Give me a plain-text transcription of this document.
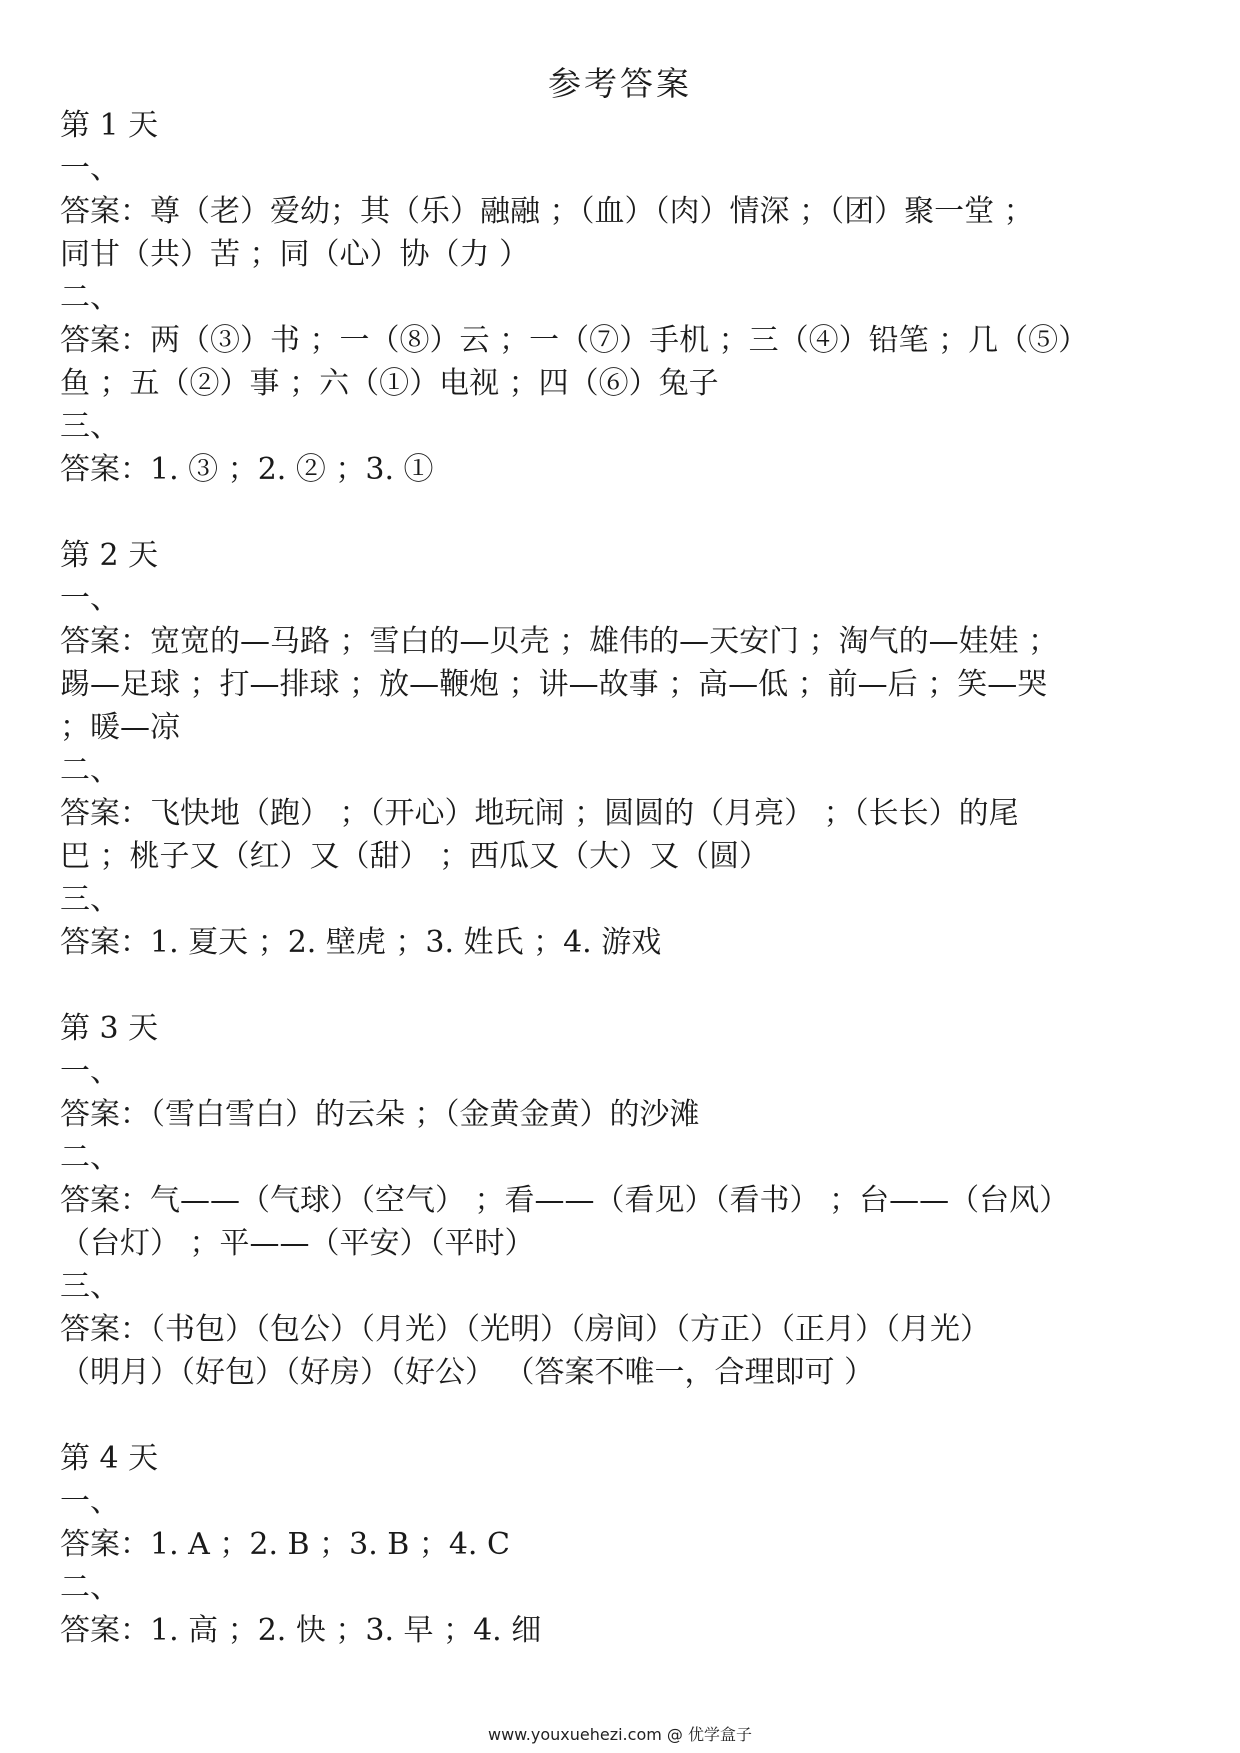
参考答案
第 1 天
一、
答案：尊（老）爱幼；其（乐）融融 ；（血）（肉）情深 ；（团）聚一堂 ；
同甘（共）苦 ；同（心）协（力 ）
二、
答案：两（③）书 ；一（⑧）云 ；一（⑦）手机 ；三（④）铅笔 ；几（⑤）
鱼 ；五（②）事 ；六（①）电视 ；四（⑥）兔子
三、
答案：1. ③ ；2. ② ；3. ①
第 2 天
一、
答案：宽宽的—马路 ；雪白的—贝壳 ；雄伟的—天安门 ；淘气的—娃娃 ；
踢—足球 ；打—排球 ；放—鞭炮 ；讲—故事 ；高—低 ；前—后 ；笑—哭
；暖—凉
二、
答案：飞快地（跑） ；（开心）地玩闹 ；圆圆的（月亮） ；（长长）的尾
巴 ；桃子又（红）又（甜） ；西瓜又（大）又（圆）
三、
答案：1. 夏天 ；2. 壁虎 ；3. 姓氏 ；4. 游戏
第 3 天
一、
答案：（雪白雪白）的云朵 ；（金黄金黄）的沙滩
二、
答案：气——（气球）（空气） ；看——（看见）（看书） ；台——（台风）
（台灯） ；平——（平安）（平时）
三、
答案：（书包）（包公）（月光）（光明）（房间）（方正）（正月）（月光）
（明月）（好包）（好房）（好公） （答案不唯一，合理即可 ）
第 4 天
一、
答案：1. A ；2. B ；3. B ；4. C
二、
答案：1. 高 ；2. 快 ；3. 早 ；4. 细
www.youxuehezi.com @ 优学盒子
